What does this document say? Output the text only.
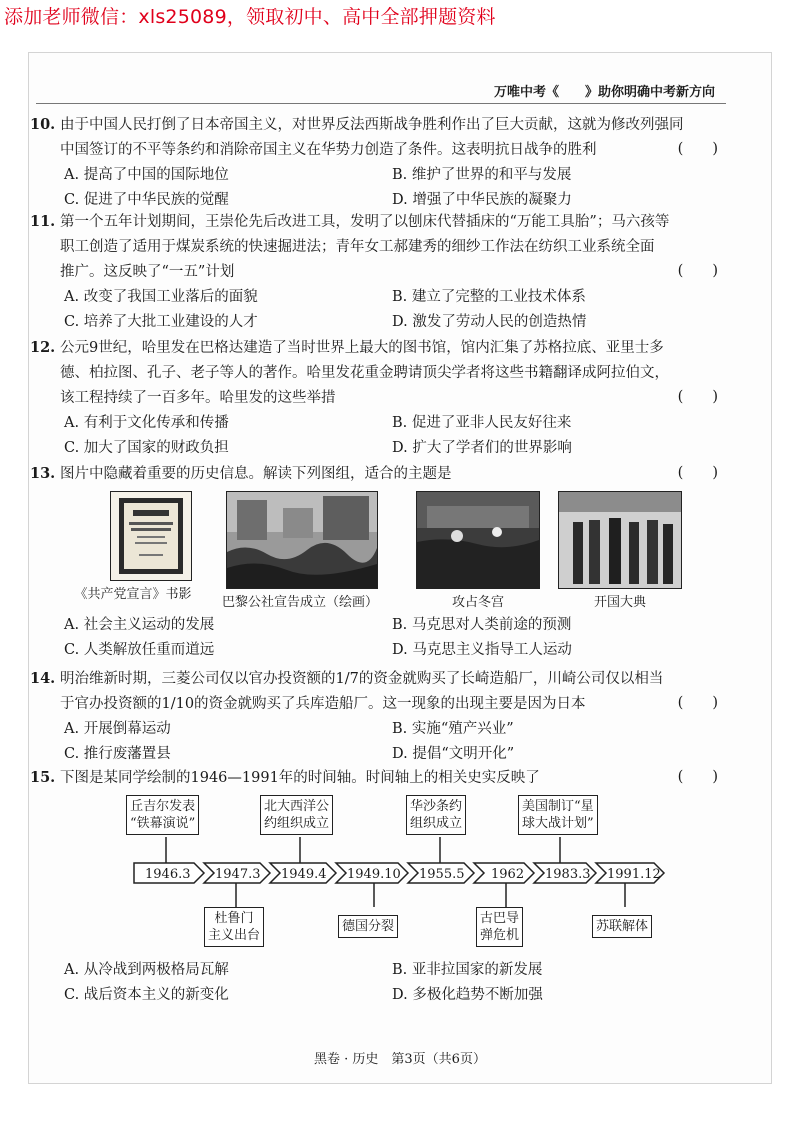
添加老师微信：xls25089，领取初中、高中全部押题资料
万唯中考《　　》助你明确中考新方向
10. 由于中国人民打倒了日本帝国主义，对世界反法西斯战争胜利作出了巨大贡献，这就为修改列强同
中国签订的不平等条约和消除帝国主义在华势力创造了条件。这表明抗日战争的胜利	(　　)
A. 提高了中国的国际地位	B. 维护了世界的和平与发展
C. 促进了中华民族的觉醒	D. 增强了中华民族的凝聚力
11. 第一个五年计划期间，王崇伦先后改进工具，发明了以刨床代替插床的“万能工具胎”；马六孩等
职工创造了适用于煤炭系统的快速掘进法；青年女工郝建秀的细纱工作法在纺织工业系统全面
推广。这反映了“一五”计划	(　　)
A. 改变了我国工业落后的面貌	B. 建立了完整的工业技术体系
C. 培养了大批工业建设的人才	D. 激发了劳动人民的创造热情
12. 公元9世纪，哈里发在巴格达建造了当时世界上最大的图书馆，馆内汇集了苏格拉底、亚里士多
德、柏拉图、孔子、老子等人的著作。哈里发花重金聘请顶尖学者将这些书籍翻译成阿拉伯文，
该工程持续了一百多年。哈里发的这些举措	(　　)
A. 有利于文化传承和传播	B. 促进了亚非人民友好往来
C. 加大了国家的财政负担	D. 扩大了学者们的世界影响
13. 图片中隐藏着重要的历史信息。解读下列图组，适合的主题是	(　　)
《共产党宣言》书影
巴黎公社宣告成立（绘画）	攻占冬宫	开国大典
A. 社会主义运动的发展	B. 马克思对人类前途的预测
C. 人类解放任重而道远	D. 马克思主义指导工人运动
14. 明治维新时期，三菱公司仅以官办投资额的1/7的资金就购买了长崎造船厂，川崎公司仅以相当
于官办投资额的1/10的资金就购买了兵库造船厂。这一现象的出现主要是因为日本	(　　)
A. 开展倒幕运动	B. 实施“殖产兴业”
C. 推行废藩置县	D. 提倡“文明开化”
15. 下图是某同学绘制的1946—1991年的时间轴。时间轴上的相关史实反映了	(　　)
1946.3 1947.3 1949.4 1949.10 1955.5 1962 1983.3 1991.12
丘吉尔发表
“铁幕演说”
北大西洋公
约组织成立
华沙条约
组织成立
美国制订“星
球大战计划”
杜鲁门
主义出台
德国分裂
古巴导
弹危机
苏联解体
A. 从冷战到两极格局瓦解	B. 亚非拉国家的新发展
C. 战后资本主义的新变化	D. 多极化趋势不断加强
黑卷 · 历史　第3页（共6页）
